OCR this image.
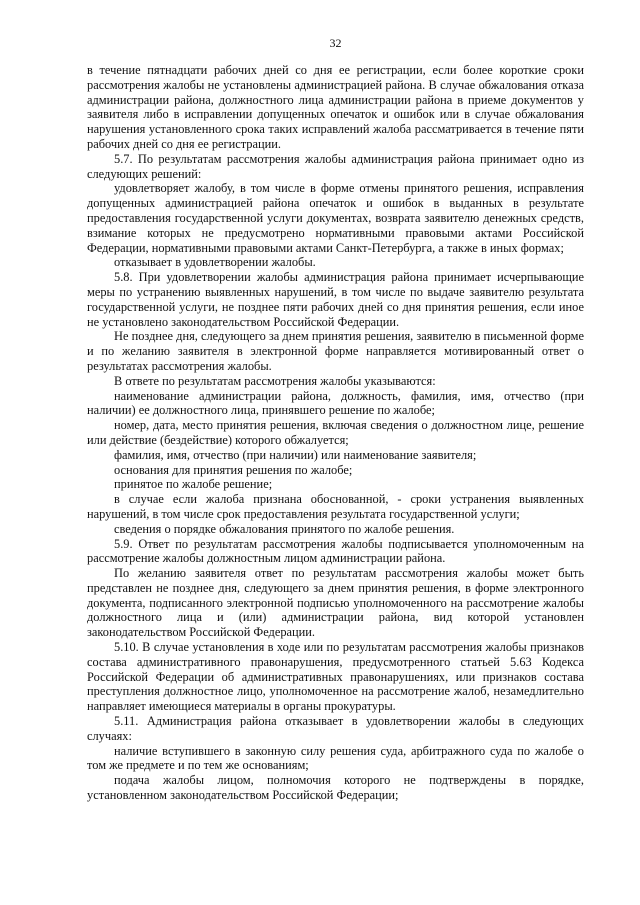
32

в течение пятнадцати рабочих дней со дня ее регистрации, если более короткие сроки рассмотрения жалобы не установлены администрацией района. В случае обжалования отказа администрации района, должностного лица администрации района в приеме документов у заявителя либо в исправлении допущенных опечаток и ошибок или в случае обжалования нарушения установленного срока таких исправлений жалоба рассматривается в течение пяти рабочих дней со дня ее регистрации.

5.7. По результатам рассмотрения жалобы администрация района принимает одно из следующих решений:

удовлетворяет жалобу, в том числе в форме отмены принятого решения, исправления допущенных администрацией района опечаток и ошибок в выданных в результате предоставления государственной услуги документах, возврата заявителю денежных средств, взимание которых не предусмотрено нормативными правовыми актами Российской Федерации, нормативными правовыми актами Санкт-Петербурга, а также в иных формах;

отказывает в удовлетворении жалобы.

5.8. При удовлетворении жалобы администрация района принимает исчерпывающие меры по устранению выявленных нарушений, в том числе по выдаче заявителю результата государственной услуги, не позднее пяти рабочих дней со дня принятия решения, если иное не установлено законодательством Российской Федерации.

Не позднее дня, следующего за днем принятия решения, заявителю в письменной форме и по желанию заявителя в электронной форме направляется мотивированный ответ о результатах рассмотрения жалобы.

В ответе по результатам рассмотрения жалобы указываются:

наименование администрации района, должность, фамилия, имя, отчество (при наличии) ее должностного лица, принявшего решение по жалобе;

номер, дата, место принятия решения, включая сведения о должностном лице, решение или действие (бездействие) которого обжалуется;

фамилия, имя, отчество (при наличии) или наименование заявителя;

основания для принятия решения по жалобе;

принятое по жалобе решение;

в случае если жалоба признана обоснованной, - сроки устранения выявленных нарушений, в том числе срок предоставления результата государственной услуги;

сведения о порядке обжалования принятого по жалобе решения.

5.9. Ответ по результатам рассмотрения жалобы подписывается уполномоченным на рассмотрение жалобы должностным лицом администрации района.

По желанию заявителя ответ по результатам рассмотрения жалобы может быть представлен не позднее дня, следующего за днем принятия решения, в форме электронного документа, подписанного электронной подписью уполномоченного на рассмотрение жалобы должностного лица и (или) администрации района, вид которой установлен законодательством Российской Федерации.

5.10. В случае установления в ходе или по результатам рассмотрения жалобы признаков состава административного правонарушения, предусмотренного статьей 5.63 Кодекса Российской Федерации об административных правонарушениях, или признаков состава преступления должностное лицо, уполномоченное на рассмотрение жалоб, незамедлительно направляет имеющиеся материалы в органы прокуратуры.

5.11. Администрация района отказывает в удовлетворении жалобы в следующих случаях:

наличие вступившего в законную силу решения суда, арбитражного суда по жалобе о том же предмете и по тем же основаниям;

подача жалобы лицом, полномочия которого не подтверждены в порядке, установленном законодательством Российской Федерации;
